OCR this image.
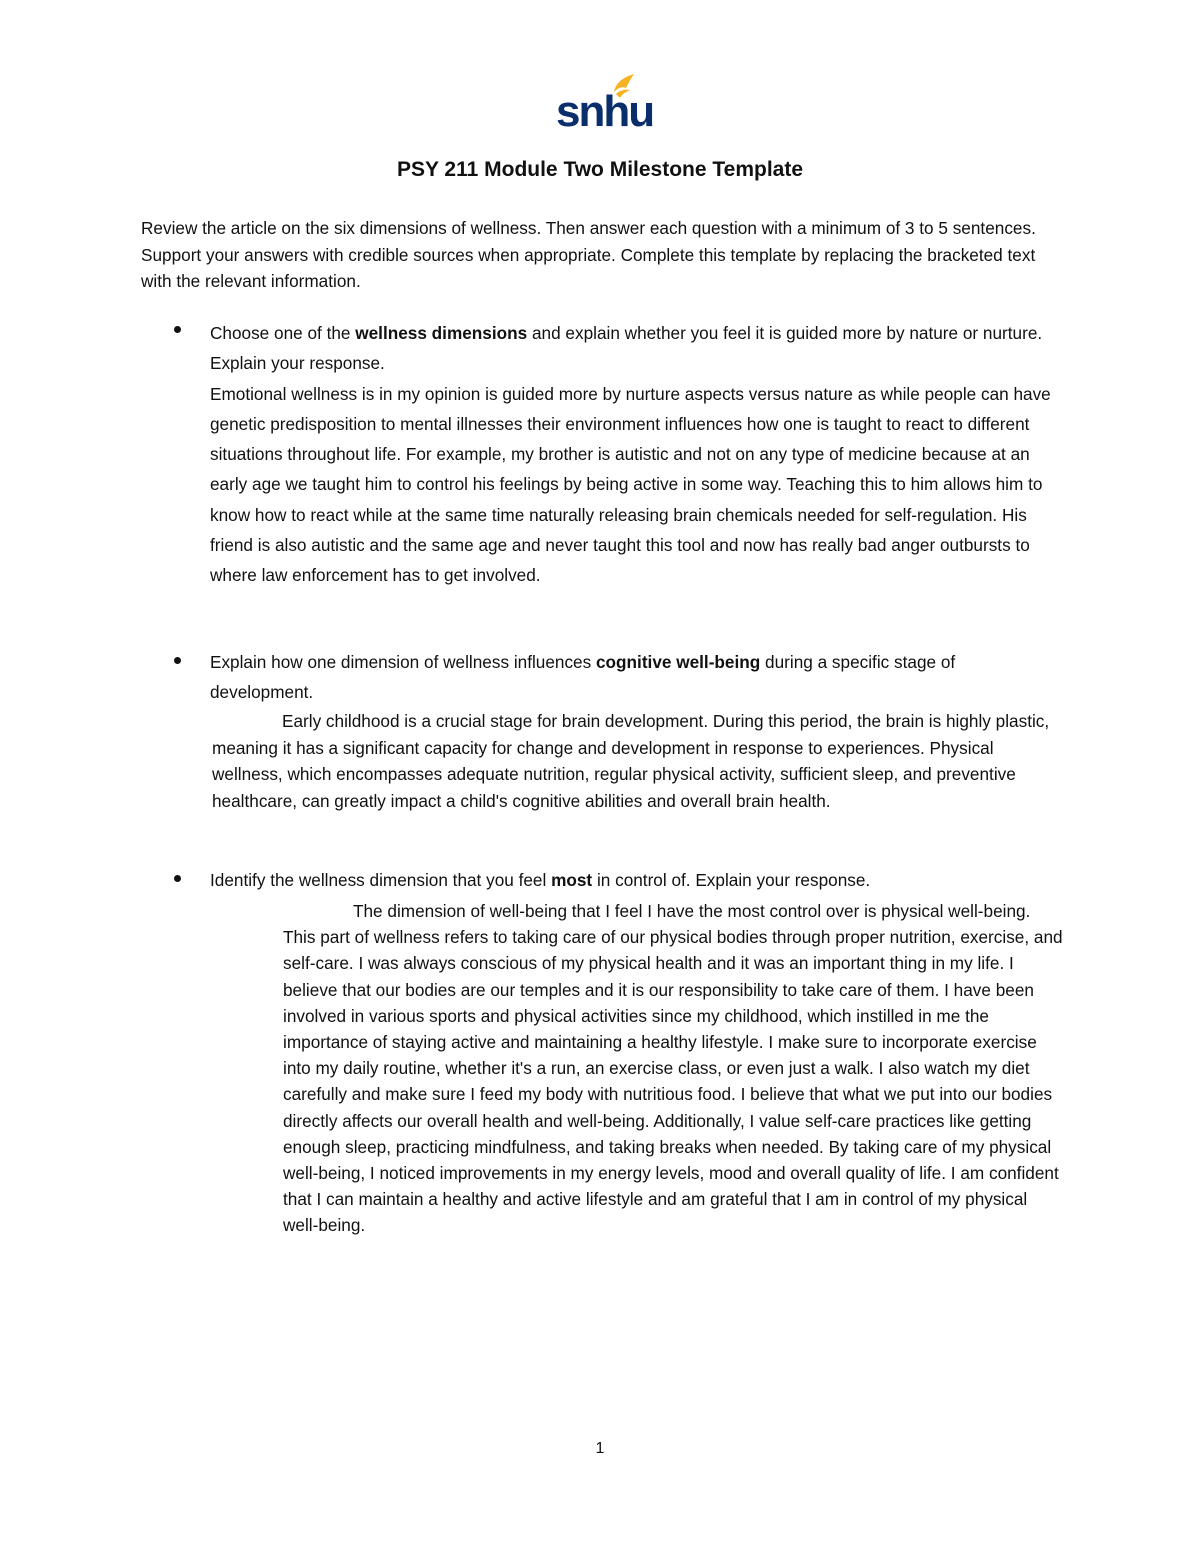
snhu
PSY 211 Module Two Milestone Template
Review the article on the six dimensions of wellness. Then answer each question with a minimum of 3 to 5 sentences. Support your answers with credible sources when appropriate. Complete this template by replacing the bracketed text with the relevant information.
Choose one of the wellness dimensions and explain whether you feel it is guided more by nature or nurture. Explain your response.
Emotional wellness is in my opinion is guided more by nurture aspects versus nature as while people can have genetic predisposition to mental illnesses their environment influences how one is taught to react to different situations throughout life. For example, my brother is autistic and not on any type of medicine because at an early age we taught him to control his feelings by being active in some way. Teaching this to him allows him to know how to react while at the same time naturally releasing brain chemicals needed for self-regulation. His friend is also autistic and the same age and never taught this tool and now has really bad anger outbursts to where law enforcement has to get involved.
Explain how one dimension of wellness influences cognitive well-being during a specific stage of development.
Early childhood is a crucial stage for brain development. During this period, the brain is highly plastic, meaning it has a significant capacity for change and development in response to experiences. Physical wellness, which encompasses adequate nutrition, regular physical activity, sufficient sleep, and preventive healthcare, can greatly impact a child's cognitive abilities and overall brain health.
Identify the wellness dimension that you feel most in control of. Explain your response.
The dimension of well-being that I feel I have the most control over is physical well-being. This part of wellness refers to taking care of our physical bodies through proper nutrition, exercise, and self-care. I was always conscious of my physical health and it was an important thing in my life. I believe that our bodies are our temples and it is our responsibility to take care of them. I have been involved in various sports and physical activities since my childhood, which instilled in me the importance of staying active and maintaining a healthy lifestyle. I make sure to incorporate exercise into my daily routine, whether it's a run, an exercise class, or even just a walk. I also watch my diet carefully and make sure I feed my body with nutritious food. I believe that what we put into our bodies directly affects our overall health and well-being. Additionally, I value self-care practices like getting enough sleep, practicing mindfulness, and taking breaks when needed. By taking care of my physical well-being, I noticed improvements in my energy levels, mood and overall quality of life. I am confident that I can maintain a healthy and active lifestyle and am grateful that I am in control of my physical well-being.
1
